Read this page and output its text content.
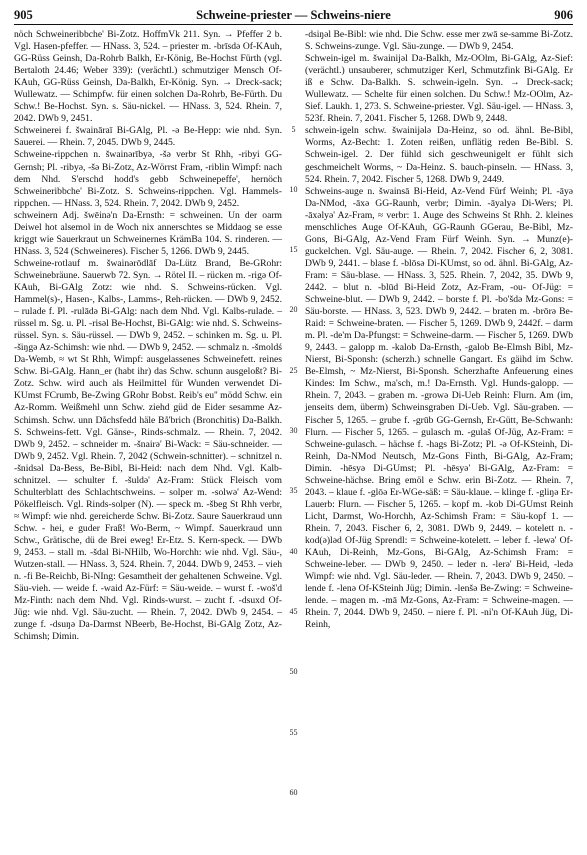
905	Schweine-priester — Schweins-niere	906

nöch Schweineribbche' Bi-Zotz. HoffmVk 211. Syn. → Pfeffer 2 b. Vgl. Hasen-pfeffer. — HNass. 3, 524. – priester m. -brīsdə Of-KAuh, GG-Rüss Geinsh, Da-Rohrb Balkh, Er-König, Be-Hochst Fürth (vgl. Bertaloth 24.46; Weber 339): (verächtl.) schmutziger Mensch Of-KAuh, GG-Rüss Geinsh, Da-Balkh, Er-König. Syn. → Dreck-sack; Wullewatz. — Schimpfw. für einen solchen Da-Rohrb, Be-Fürth. Du Schw.! Be-Hochst. Syn. s. Säu-nickel. — HNass. 3, 524. Rhein. 7, 2042. DWb 9, 2451.

Schweinerei f. šwaināraī Bi-GAlg, Pl. -ə Be-Hepp: wie nhd. Syn. Sauerei. — Rhein. 7, 2045. DWb 9, 2445.

Schweine-rippchen n. šwainərībyə, -šə verbr St Rhh, -ribyi GG-Gernsh; Pl. -ribyə, -šə Bi-Zotz, Az-Wörrst Fram, -riblin Wimpf: nach dem Nhd. S'erschd hodd's gebb Schweinepeffe', hernöch Schweineribbche' Bi-Zotz. S. Schweins-rippchen. Vgl. Hammels-rippchen. — HNass. 3, 524. Rhein. 7, 2042. DWb 9, 2452.

schweinern Adj. šwēinə'n Da-Ernsth: = schweinen. Un der oarm Deiwel hot alsemol in de Woch nix annerschtes se Middaog se esse kriggt wie Sauerkraut un Schweinernes KrämBa 104. S. rinderen. — HNass. 3, 524 (Schweineres). Fischer 5, 1266. DWb 9, 2445.

Schweine-rotlauf m. šwainərōdlāf Da-Lütz Brand, Be-GRohr: Schweinebräune. Sauerwb 72. Syn. → Rötel II. – rücken m. -rigə Of-KAuh, Bi-GAlg Zotz: wie nhd. S. Schweins-rücken. Vgl. Hammel(s)-, Hasen-, Kalbs-, Lamms-, Reh-rücken. — DWb 9, 2452. – rulade f. Pl. -rulādə Bi-GAlg: nach dem Nhd. Vgl. Kalbs-rulade. – rüssel m. Sg. u. Pl. -risəl Be-Hochst, Bi-GAlg: wie nhd. S. Schweins-rüssel. Syn. s. Säu-rüssel. — DWb 9, 2452. – schinken m. Sg. u. Pl. -šiŋgə Az-Schimsh: wie nhd. — DWb 9, 2452. — schmalz n. -šmoldś Da-Wemb, ≈ wt St Rhh, Wimpf: ausgelassenes Schweinefett. reines Schw. Bi-GAlg. Hann_er (habt ihr) das Schw. schunn ausgeloßt? Bi-Zotz. Schw. wird auch als Heilmittel für Wunden verwendet Di-KUmst FCrumb, Be-Zwing GRohr Bobst. Reib's eu'' mödd Schw. ein Az-Romm. Weißmehl unn Schw. ziehd güd de Eider sesamme Az-Schimsh. Schw. unn Dåchsfedd häle Bå'brich (Bronchitis) Da-Balkh. S. Schweins-fett. Vgl. Gänse-, Rinds-schmalz. — Rhein. 7, 2042. DWb 9, 2452. – schneider m. -šnairə' Bi-Wack: = Säu-schneider. — DWb 9, 2452. Vgl. Rhein. 7, 2042 (Schwein-schnitter). – schnitzel n. -šnidsəl Da-Bess, Be-Bibl, Bi-Heid: nach dem Nhd. Vgl. Kalb-schnitzel. — schulter f. -šuldə' Az-Fram: Stück Fleisch vom Schulterblatt des Schlachtschweins. – solper m. -solwə' Az-Wend: Pökelfleisch. Vgl. Rinds-solper (N). — speck m. -šbeg St Rhh verbr, ≈ Wimpf: wie nhd. gereicherde Schw. Bi-Zotz. Saure Sauerkraud unn Schw. - hei, e guder Fraß! Wo-Berm, ~ Wimpf. Sauerkraud unn Schw., Grätische, dü de Brei eweg! Er-Etz. S. Kern-speck. — DWb 9, 2453. – stall m. -šdal Bi-NHilb, Wo-Horchh: wie nhd. Vgl. Säu-, Wutzen-stall. — HNass. 3, 524. Rhein. 7, 2044. DWb 9, 2453. – vieh n. -fi Be-Reichb, Bi-NIng: Gesamtheit der gehaltenen Schweine. Vgl. Säu-vieh. — weide f. -waid Az-Fürf: = Säu-weide. – wurst f. -woš'd Mz-Finth: nach dem Nhd. Vgl. Rinds-wurst. – zucht f. -dsuxd Of-Jüg: wie nhd. Vgl. Säu-zucht. — Rhein. 7, 2042. DWb 9, 2454. – zunge f. -dsuŋə Da-Darmst NBeerb, Be-Hochst, Bi-GAlg Zotz, Az-Schimsh; Dimin.

5
10
15
20
25
30
35
40
45
50
55
60

-dsiŋəl Be-Bibl: wie nhd. Die Schw. esse mer zwā se-samme Bi-Zotz. S. Schweins-zunge. Vgl. Säu-zunge. — DWb 9, 2454.

Schwein-igel m. šwainijəl Da-Balkh, Mz-OOlm, Bi-GAlg, Az-Sief: (verächtl.) unsauberer, schmutziger Kerl, Schmutzfink Bi-GAlg. Er iß e Schw. Da-Balkh. S. schwein-igeln. Syn. → Dreck-sack; Wullewatz. — Schelte für einen solchen. Du Schw.! Mz-OOlm, Az-Sief. Laukh. 1, 273. S. Schweine-priester. Vgl. Säu-igel. — HNass. 3, 523f. Rhein. 7, 2041. Fischer 5, 1268. DWb 9, 2448.

schwein-igeln schw. šwainijələ Da-Heinz, so od. ähnl. Be-Bibl, Worms, Az-Becht: 1. Zoten reißen, unflätig reden Be-Bibl. S. Schwein-igel. 2. Der fühld sich geschweunigelt er fühlt sich geschmeichelt Worms, ~ Da-Heinz. S. bauch-pinseln. — HNass. 3, 524. Rhein. 7, 2042. Fischer 5, 1268. DWb 9, 2449.

Schweins-auge n. šwainsā Bi-Heid, Az-Vend Fürf Weinh; Pl. -āyə Da-NMod, -āxə GG-Raunh, verbr; Dimin. -āyalyə Di-Wers; Pl. -āxəlyə' Az-Fram, ≈ verbr: 1. Auge des Schweins St Rhh. 2. kleines menschliches Auge Of-KAuh, GG-Raunh GGerau, Be-Bibl, Mz-Gons, Bi-GAlg, Az-Vend Fram Fürf Weinh. Syn. → Munz(e)-guckelchen. Vgl. Säu-auge. — Rhein. 7, 2042. Fischer 6, 2, 3081. DWb 9, 2441. – blase f. -blōsə Di-KUmst, so od. ähnl. Bi-GAlg, Az-Fram: = Säu-blase. — HNass. 3, 525. Rhein. 7, 2042, 35. DWb 9, 2442. – blut n. -blūd Bi-Heid Zotz, Az-Fram, -ou- Of-Jüg: = Schweine-blut. — DWb 9, 2442. – borste f. Pl. -bo'šdə Mz-Gons: = Säu-borste. — HNass. 3, 523. DWb 9, 2442. – braten m. -brōrə Be-Raid: = Schweine-braten. — Fischer 5, 1269. DWb 9, 2442f. – darm m. Pl. -de'm Da-Pfungst: = Schweine-darm. — Fischer 5, 1269. DWb 9, 2443. – galopp m. -kalob Da-Ernsth, -galob Be-Elmsh Bibl, Mz-Nierst, Bi-Sponsh: (scherzh.) schnelle Gangart. Es gäihd im Schw. Be-Elmsh, ~ Mz-Nierst, Bi-Sponsh. Scherzhafte Anfeuerung eines Kindes: Im Schw., ma'sch, m.! Da-Ernsth. Vgl. Hunds-galopp. — Rhein. 7, 2043. – graben m. -growə Di-Ueb Reinh: Flurn. Am (im, jenseits dem, überm) Schweinsgraben Di-Ueb. Vgl. Säu-graben. — Fischer 5, 1265. – grube f. -grūb GG-Gernsh, Er-Gütt, Be-Schwanh: Flurn. — Fischer 5, 1265. – gulasch m. -gulaš Of-Jüg, Az-Fram: = Schweine-gulasch. – hächse f. -hags Bi-Zotz; Pl. -ə Of-KSteinh, Di-Reinh, Da-NMod Neutsch, Mz-Gons Finth, Bi-GAlg, Az-Fram; Dimin. -hēsyə Di-GUmst; Pl. -hēsyə' Bi-GAlg, Az-Fram: = Schweine-hächse. Bring emöl e Schw. erin Bi-Zotz. — Rhein. 7, 2043. – klaue f. -glōə Er-WGe-säß: = Säu-klaue. – klinge f. -gliŋə Er-Lauerb: Flurn. — Fischer 5, 1265. – kopf m. -kob Di-GUmst Reinh Licht, Darmst, Wo-Horchh, Az-Schimsh Fram: = Säu-kopf 1. — Rhein. 7, 2043. Fischer 6, 2, 3081. DWb 9, 2449. – kotelett n. -kod(ə)ləd Of-Jüg Sprendl: = Schweine-kotelett. – leber f. -lewə' Of-KAuh, Di-Reinh, Mz-Gons, Bi-GAlg, Az-Schimsh Fram: = Schweine-leber. — DWb 9, 2450. – leder n. -lerə' Bi-Heid, -ledə Wimpf: wie nhd. Vgl. Säu-leder. — Rhein. 7, 2043. DWb 9, 2450. – lende f. -lenə Of-KSteinh Jüg; Dimin. -lenšə Be-Zwing: = Schweine-lende. – magen m. -mā Mz-Gons, Az-Fram: = Schweine-magen. — Rhein. 7, 2044. DWb 9, 2450. – niere f. Pl. -ni'n Of-KAuh Jüg, Di-Reinh,
